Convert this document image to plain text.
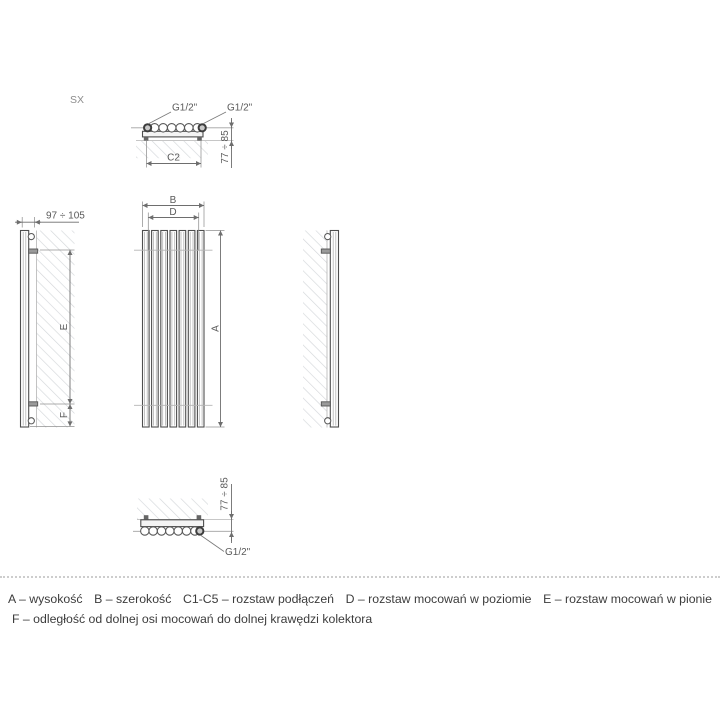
SX
G1/2"	G1/2"
C2	77 ÷ 85
B
D
A
97 ÷ 105
E
F
77 ÷ 85
G1/2"
A – wysokość B – szerokość C1-C5 – rozstaw podłączeń D – rozstaw mocowań w poziomie E – rozstaw mocowań w pionie
F – odległość od dolnej osi mocowań do dolnej krawędzi kolektora
